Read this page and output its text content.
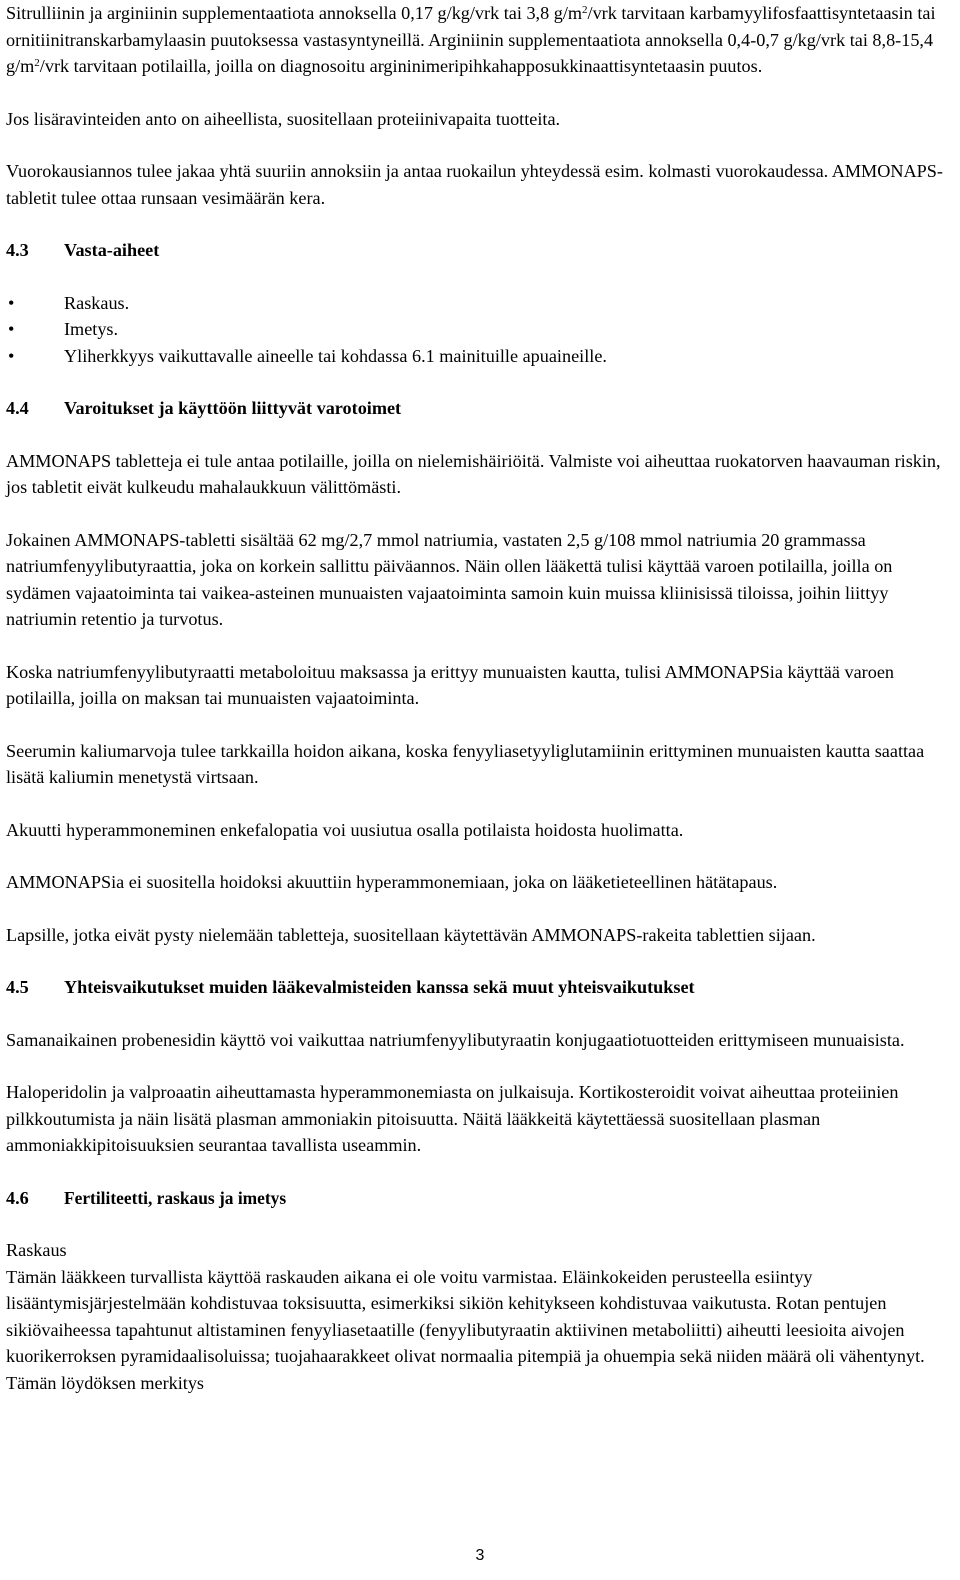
Sitrulliinin ja arginiinin supplementaatiota annoksella 0,17 g/kg/vrk tai 3,8 $g/m^2$/vrk tarvitaan karbamyylifosfaattisyntetaasin tai ornitiinitranskarbamylaasin puutoksessa vastasyntyneillä. Arginiinin supplementaatiota annoksella 0,4-0,7 g/kg/vrk tai 8,8-15,4 $g/m^2$/vrk tarvitaan potilailla, joilla on diagnosoitu argininimeripihkahapposukkinaattisyntetaasin puutos.

Jos lisäravinteiden anto on aiheellista, suositellaan proteiinivapaita tuotteita.

Vuorokausiannos tulee jakaa yhtä suuriin annoksiin ja antaa ruokailun yhteydessä esim. kolmasti vuorokaudessa. AMMONAPS-tabletit tulee ottaa runsaan vesimäärän kera.

4.3	Vasta-aiheet
•	Raskaus.
•	Imetys.
•	Yliherkkyys vaikuttavalle aineelle tai kohdassa 6.1 mainituille apuaineille.
4.4	Varoitukset ja käyttöön liittyvät varotoimet

AMMONAPS tabletteja ei tule antaa potilaille, joilla on nielemishäiriöitä. Valmiste voi aiheuttaa ruokatorven haavauman riskin, jos tabletit eivät kulkeudu mahalaukkuun välittömästi.

Jokainen AMMONAPS-tabletti sisältää 62 mg/2,7 mmol natriumia, vastaten 2,5 g/108 mmol natriumia 20 grammassa natriumfenyylibutyraattia, joka on korkein sallittu päiväannos. Näin ollen lääkettä tulisi käyttää varoen potilailla, joilla on sydämen vajaatoiminta tai vaikea-asteinen munuaisten vajaatoiminta samoin kuin muissa kliinisissä tiloissa, joihin liittyy natriumin retentio ja turvotus.

Koska natriumfenyylibutyraatti metaboloituu maksassa ja erittyy munuaisten kautta, tulisi AMMONAPSia käyttää varoen potilailla, joilla on maksan tai munuaisten vajaatoiminta.

Seerumin kaliumarvoja tulee tarkkailla hoidon aikana, koska fenyyliasetyyliglutamiinin erittyminen munuaisten kautta saattaa lisätä kaliumin menetystä virtsaan.

Akuutti hyperammoneminen enkefalopatia voi uusiutua osalla potilaista hoidosta huolimatta.

AMMONAPSia ei suositella hoidoksi akuuttiin hyperammonemiaan, joka on lääketieteellinen hätätapaus.

Lapsille, jotka eivät pysty nielemään tabletteja, suositellaan käytettävän AMMONAPS-rakeita tablettien sijaan.

4.5	Yhteisvaikutukset muiden lääkevalmisteiden kanssa sekä muut yhteisvaikutukset

Samanaikainen probenesidin käyttö voi vaikuttaa natriumfenyylibutyraatin konjugaatiotuotteiden erittymiseen munuaisista.

Haloperidolin ja valproaatin aiheuttamasta hyperammonemiasta on julkaisuja. Kortikosteroidit voivat aiheuttaa proteiinien pilkkoutumista ja näin lisätä plasman ammoniakin pitoisuutta. Näitä lääkkeitä käytettäessä suositellaan plasman ammoniakkipitoisuuksien seurantaa tavallista useammin.

4.6	Fertiliteetti, raskaus ja imetys

Raskaus

Tämän lääkkeen turvallista käyttöä raskauden aikana ei ole voitu varmistaa. Eläinkokeiden perusteella esiintyy lisääntymisjärjestelmään kohdistuvaa toksisuutta, esimerkiksi sikiön kehitykseen kohdistuvaa vaikutusta. Rotan pentujen sikiövaiheessa tapahtunut altistaminen fenyyliasetaatille (fenyylibutyraatin aktiivinen metaboliitti) aiheutti leesioita aivojen kuorikerroksen pyramidaalisoluissa; tuojahaarakkeet olivat normaalia pitempiä ja ohuempia sekä niiden määrä oli vähentynyt. Tämän löydöksen merkitys

3
